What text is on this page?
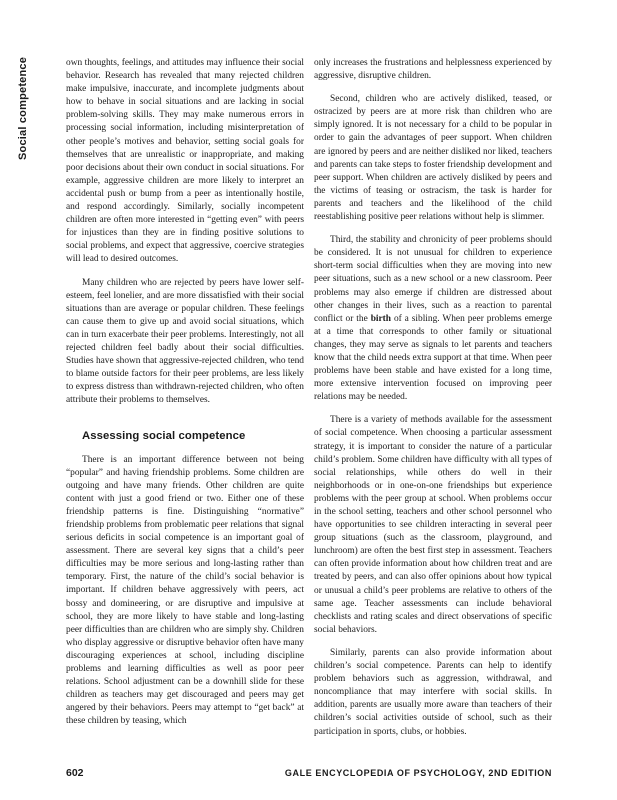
Social competence	own thoughts, feelings, and attitudes may influence their social behavior. Research has revealed that many rejected children make impulsive, inaccurate, and incomplete judgments about how to behave in social situations and are lacking in social problem-solving skills. They may make numerous errors in processing social information, including misinterpretation of other people’s motives and behavior, setting social goals for themselves that are unrealistic or inappropriate, and making poor decisions about their own conduct in social situations. For example, aggressive children are more likely to interpret an accidental push or bump from a peer as intentionally hostile, and respond accordingly. Similarly, socially incompetent children are often more interested in “getting even” with peers for injustices than they are in finding positive solutions to social problems, and expect that aggressive, coercive strategies will lead to desired outcomes.

Many children who are rejected by peers have lower self-esteem, feel lonelier, and are more dissatisfied with their social situations than are average or popular children. These feelings can cause them to give up and avoid social situations, which can in turn exacerbate their peer problems. Interestingly, not all rejected children feel badly about their social difficulties. Studies have shown that aggressive-rejected children, who tend to blame outside factors for their peer problems, are less likely to express distress than withdrawn-rejected children, who often attribute their problems to themselves.

Assessing social competence

There is an important difference between not being “popular” and having friendship problems. Some children are outgoing and have many friends. Other children are quite content with just a good friend or two. Either one of these friendship patterns is fine. Distinguishing “normative” friendship problems from problematic peer relations that signal serious deficits in social competence is an important goal of assessment. There are several key signs that a child’s peer difficulties may be more serious and long-lasting rather than temporary. First, the nature of the child’s social behavior is important. If children behave aggressively with peers, act bossy and domineering, or are disruptive and impulsive at school, they are more likely to have stable and long-lasting peer difficulties than are children who are simply shy. Children who display aggressive or disruptive behavior often have many discouraging experiences at school, including discipline problems and learning difficulties as well as poor peer relations. School adjustment can be a downhill slide for these children as teachers may get discouraged and peers may get angered by their behaviors. Peers may attempt to “get back” at these children by teasing, which

only increases the frustrations and helplessness experienced by aggressive, disruptive children.

Second, children who are actively disliked, teased, or ostracized by peers are at more risk than children who are simply ignored. It is not necessary for a child to be popular in order to gain the advantages of peer support. When children are ignored by peers and are neither disliked nor liked, teachers and parents can take steps to foster friendship development and peer support. When children are actively disliked by peers and the victims of teasing or ostracism, the task is harder for parents and teachers and the likelihood of the child reestablishing positive peer relations without help is slimmer.

Third, the stability and chronicity of peer problems should be considered. It is not unusual for children to experience short-term social difficulties when they are moving into new peer situations, such as a new school or a new classroom. Peer problems may also emerge if children are distressed about other changes in their lives, such as a reaction to parental conflict or the birth of a sibling. When peer problems emerge at a time that corresponds to other family or situational changes, they may serve as signals to let parents and teachers know that the child needs extra support at that time. When peer problems have been stable and have existed for a long time, more extensive intervention focused on improving peer relations may be needed.

There is a variety of methods available for the assessment of social competence. When choosing a particular assessment strategy, it is important to consider the nature of a particular child’s problem. Some children have difficulty with all types of social relationships, while others do well in their neighborhoods or in one-on-one friendships but experience problems with the peer group at school. When problems occur in the school setting, teachers and other school personnel who have opportunities to see children interacting in several peer group situations (such as the classroom, playground, and lunchroom) are often the best first step in assessment. Teachers can often provide information about how children treat and are treated by peers, and can also offer opinions about how typical or unusual a child’s peer problems are relative to others of the same age. Teacher assessments can include behavioral checklists and rating scales and direct observations of specific social behaviors.

Similarly, parents can also provide information about children’s social competence. Parents can help to identify problem behaviors such as aggression, withdrawal, and noncompliance that may interfere with social skills. In addition, parents are usually more aware than teachers of their children’s social activities outside of school, such as their participation in sports, clubs, or hobbies.

602	GALE ENCYCLOPEDIA OF PSYCHOLOGY, 2ND EDITION
